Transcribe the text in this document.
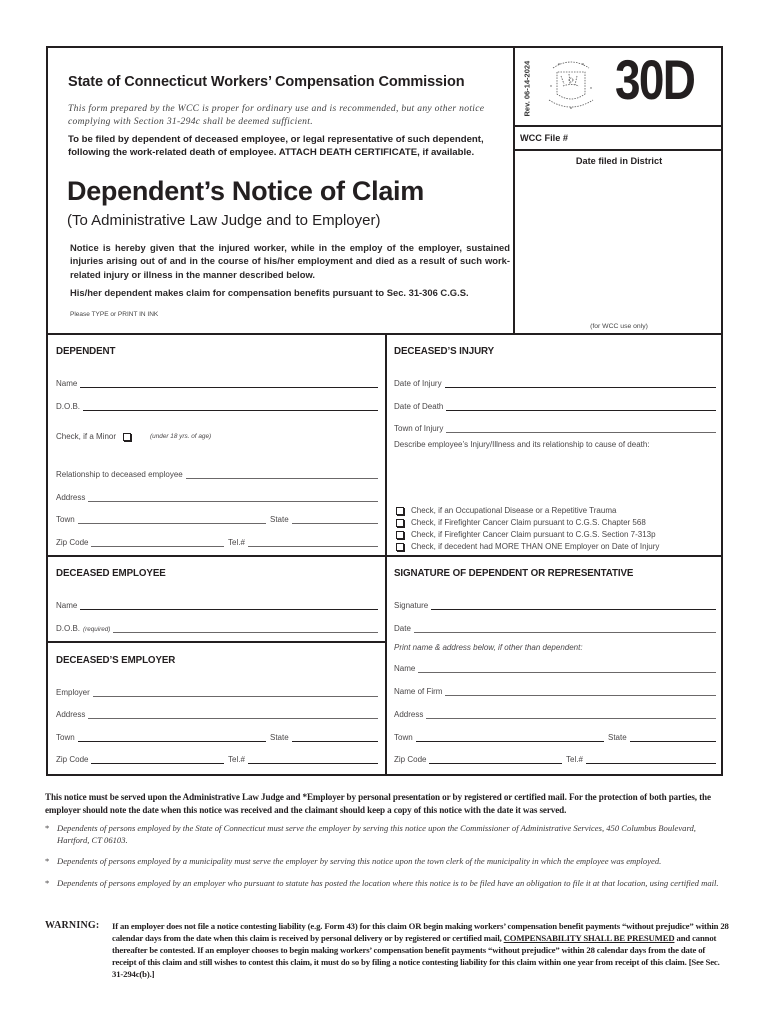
State of Connecticut Workers’ Compensation Commission
This form prepared by the WCC is proper for ordinary use and is recommended, but any other notice complying with Section 31-294c shall be deemed sufficient.
To be filed by dependent of deceased employee, or legal representative of such dependent, following the work-related death of employee. ATTACH DEATH CERTIFICATE, if available.
Dependent’s Notice of Claim
(To Administrative Law Judge and to Employer)
Notice is hereby given that the injured worker, while in the employ of the employer, sustained injuries arising out of and in the course of his/her employment and died as a result of such work-related injury or illness in the manner described below.
His/her dependent makes claim for compensation benefits pursuant to Sec. 31-306 C.G.S.
Please TYPE or PRINT IN INK
Rev. 06-14-2024 30D
WCC File #
Date filed in District
(for WCC use only)
DEPENDENT
Name
D.O.B.
Check, if a Minor	(under 18 yrs. of age)
Relationship to deceased employee
Address
Town	State
Zip Code	Tel.#
DECEASED’S INJURY
Date of Injury
Date of Death
Town of Injury
Describe employee’s Injury/Illness and its relationship to cause of death:
Check, if an Occupational Disease or a Repetitive Trauma
Check, if Firefighter Cancer Claim pursuant to C.G.S. Chapter 568
Check, if Firefighter Cancer Claim pursuant to C.G.S. Section 7-313p
Check, if decedent had MORE THAN ONE Employer on Date of Injury
DECEASED EMPLOYEE
Name
D.O.B. (required)
DECEASED’S EMPLOYER
Employer
Address
Town	State
Zip Code	Tel.#
SIGNATURE OF DEPENDENT OR REPRESENTATIVE
Signature
Date
Print name & address below, if other than dependent:
Name
Name of Firm
Address
Town	State
Zip Code	Tel.#
This notice must be served upon the Administrative Law Judge and *Employer by personal presentation or by registered or certified mail. For the protection of both parties, the employer should note the date when this notice was received and the claimant should keep a copy of this notice with the date it was served.
* Dependents of persons employed by the State of Connecticut must serve the employer by serving this notice upon the Commissioner of Administrative Services, 450 Columbus Boulevard, Hartford, CT 06103.
* Dependents of persons employed by a municipality must serve the employer by serving this notice upon the town clerk of the municipality in which the employee was employed.
* Dependents of persons employed by an employer who pursuant to statute has posted the location where this notice is to be filed have an obligation to file it at that location, using certified mail.
WARNING:	If an employer does not file a notice contesting liability (e.g. Form 43) for this claim OR begin making workers’ compensation benefit payments “without prejudice” within 28 calendar days from the date when this claim is received by personal delivery or by registered or certified mail, COMPENSABILITY SHALL BE PRESUMED and cannot thereafter be contested. If an employer chooses to begin making workers’ compensation benefit payments “without prejudice” within 28 calendar days from the date of receipt of this claim and still wishes to contest this claim, it must do so by filing a notice contesting liability for this claim within one year from receipt of this claim. [See Sec. 31-294c(b).]
